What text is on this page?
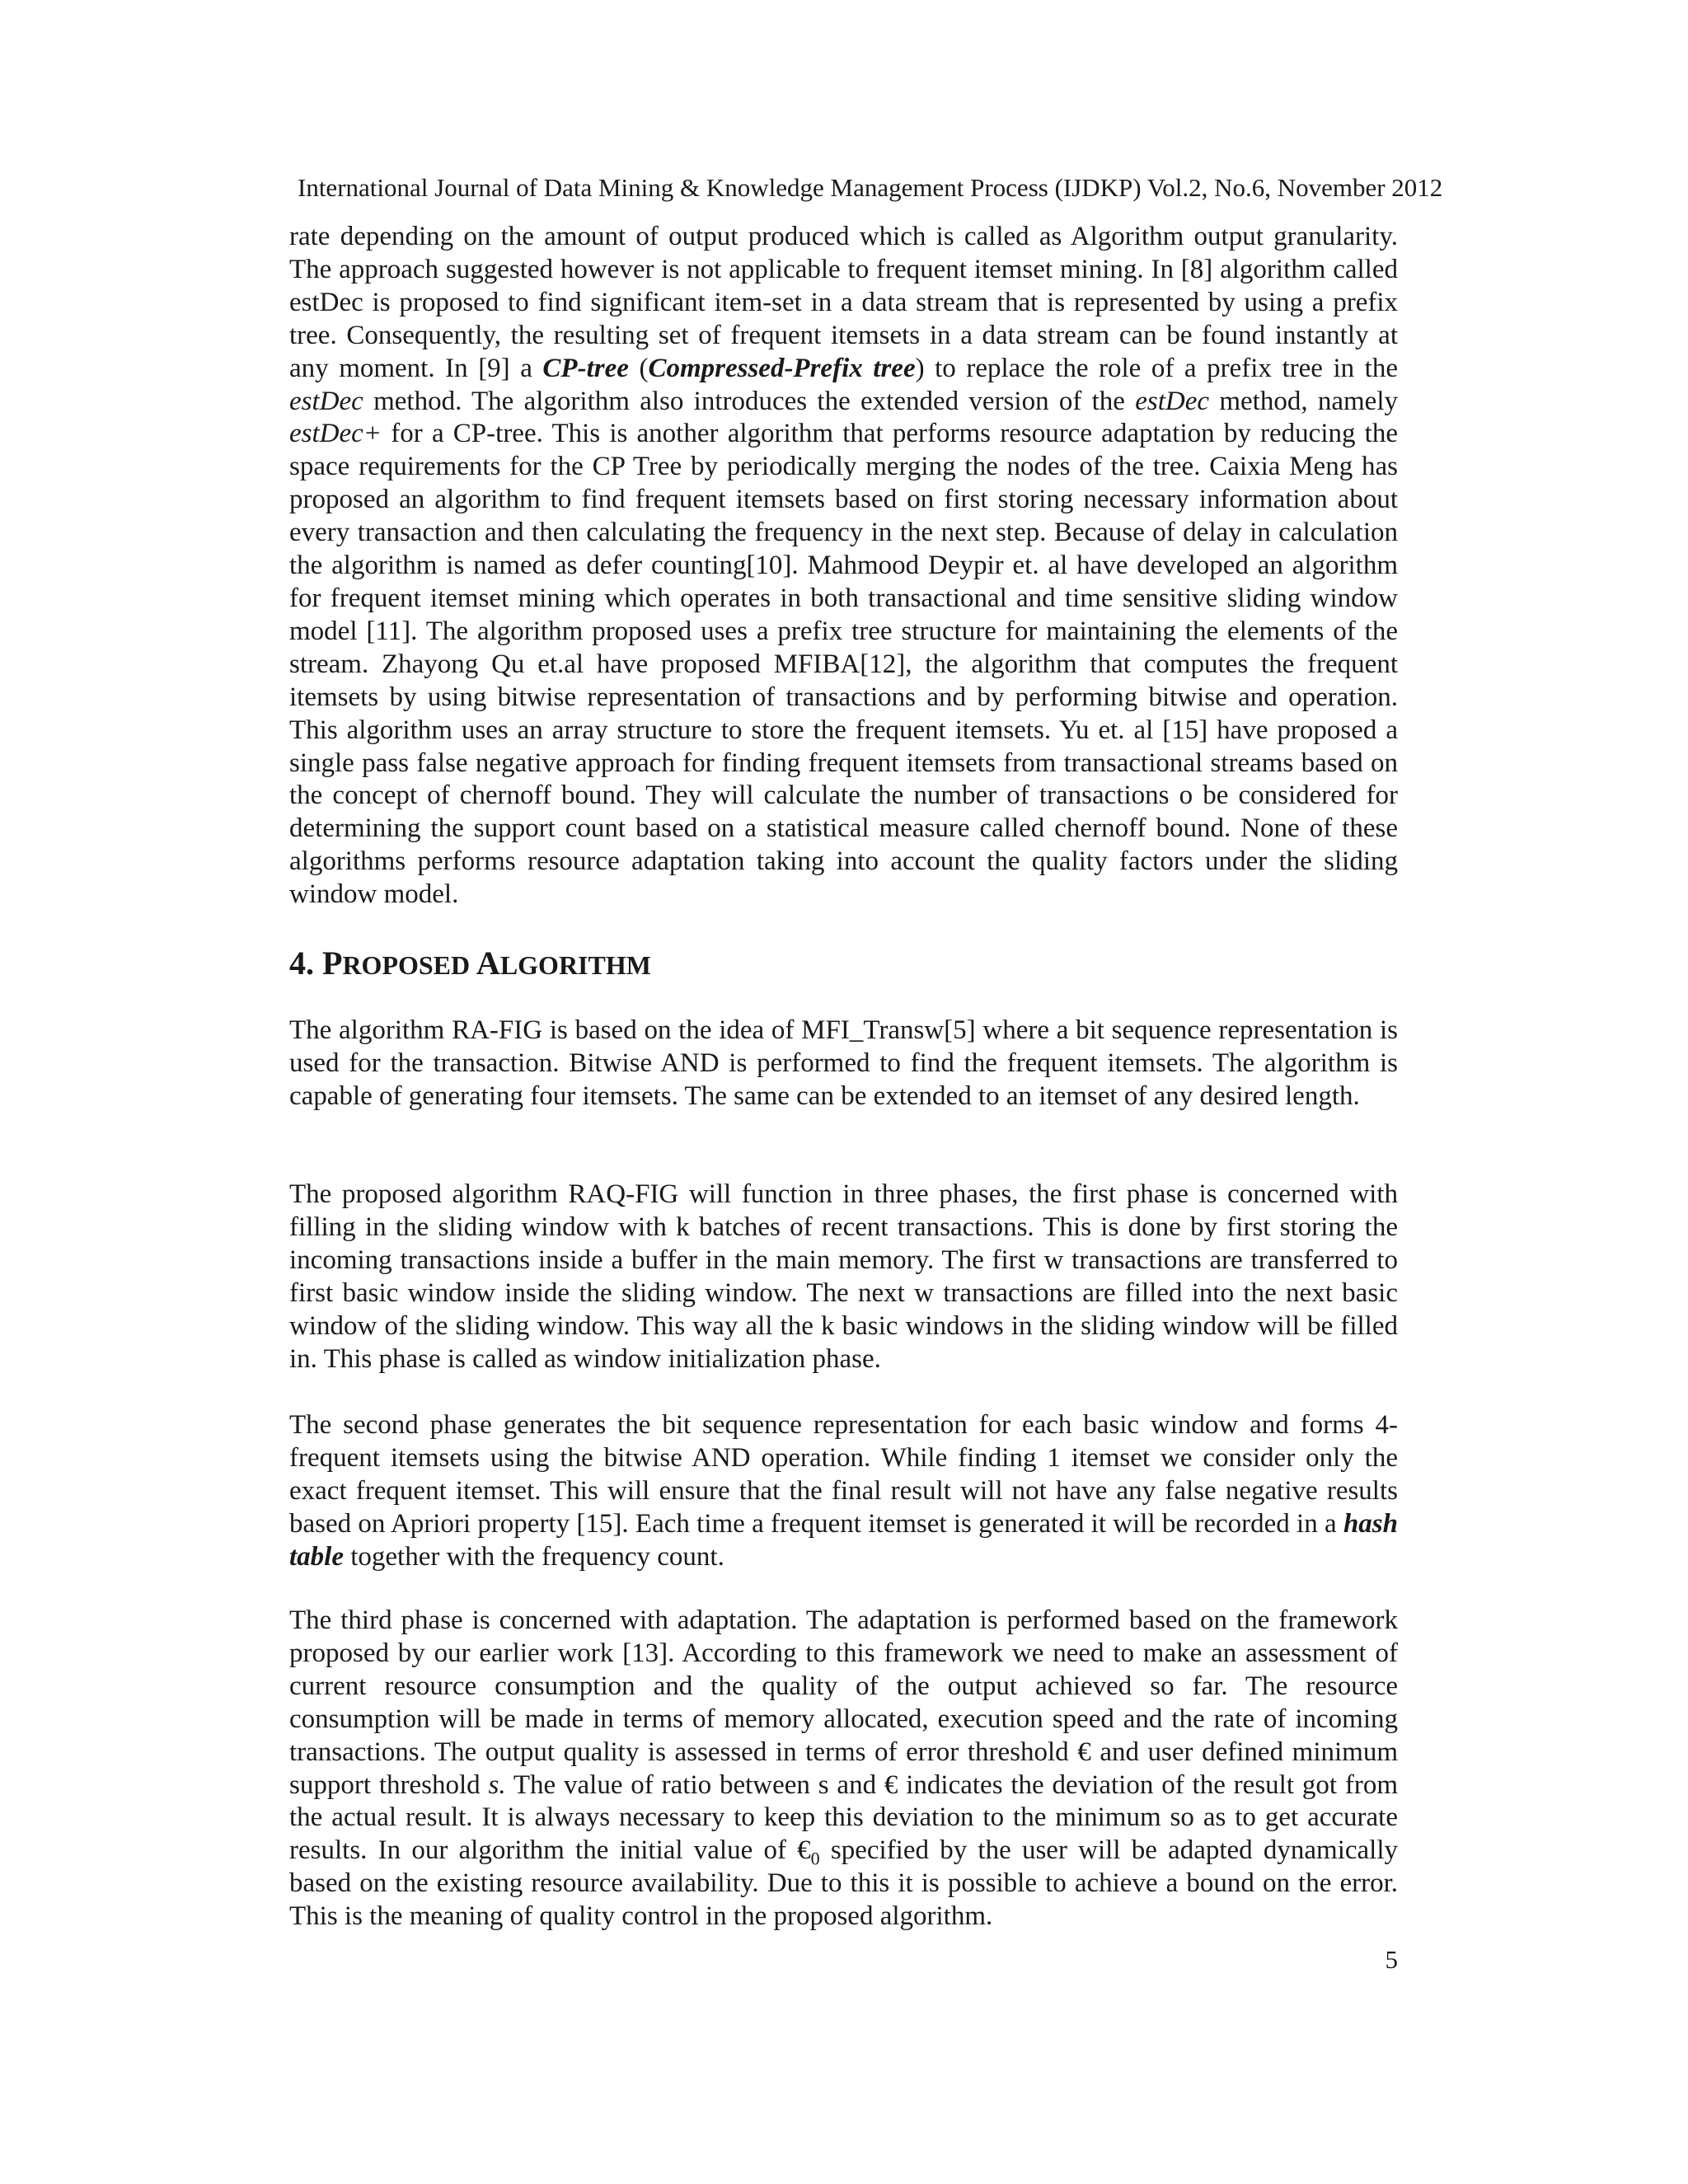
International Journal of Data Mining & Knowledge Management Process (IJDKP) Vol.2, No.6, November 2012

rate depending on the amount of output produced which is called as Algorithm output granularity. The approach suggested however is not applicable to frequent itemset mining. In [8] algorithm called estDec is proposed to find significant item-set in a data stream that is represented by using a prefix tree. Consequently, the resulting set of frequent itemsets in a data stream can be found instantly at any moment. In [9] a CP-tree (Compressed-Prefix tree) to replace the role of a prefix tree in the estDec method. The algorithm also introduces the extended version of the estDec method, namely estDec+ for a CP-tree. This is another algorithm that performs resource adaptation by reducing the space requirements for the CP Tree by periodically merging the nodes of the tree. Caixia Meng has proposed an algorithm to find frequent itemsets based on first storing necessary information about every transaction and then calculating the frequency in the next step. Because of delay in calculation the algorithm is named as defer counting[10]. Mahmood Deypir et. al have developed an algorithm for frequent itemset mining which operates in both transactional and time sensitive sliding window model [11]. The algorithm proposed uses a prefix tree structure for maintaining the elements of the stream. Zhayong Qu et.al have proposed MFIBA[12], the algorithm that computes the frequent itemsets by using bitwise representation of transactions and by performing bitwise and operation. This algorithm uses an array structure to store the frequent itemsets. Yu et. al [15] have proposed a single pass false negative approach for finding frequent itemsets from transactional streams based on the concept of chernoff bound. They will calculate the number of transactions o be considered for determining the support count based on a statistical measure called chernoff bound. None of these algorithms performs resource adaptation taking into account the quality factors under the sliding window model.

4. PROPOSED ALGORITHM

The algorithm RA-FIG is based on the idea of MFI_Transw[5] where a bit sequence representation is used for the transaction. Bitwise AND is performed to find the frequent itemsets. The algorithm is capable of generating four itemsets. The same can be extended to an itemset of any desired length.

The proposed algorithm RAQ-FIG will function in three phases, the first phase is concerned with filling in the sliding window with k batches of recent transactions. This is done by first storing the incoming transactions inside a buffer in the main memory. The first w transactions are transferred to first basic window inside the sliding window. The next w transactions are filled into the next basic window of the sliding window. This way all the k basic windows in the sliding window will be filled in. This phase is called as window initialization phase.

The second phase generates the bit sequence representation for each basic window and forms 4-frequent itemsets using the bitwise AND operation. While finding 1 itemset we consider only the exact frequent itemset. This will ensure that the final result will not have any false negative results based on Apriori property [15]. Each time a frequent itemset is generated it will be recorded in a hash table together with the frequency count.

The third phase is concerned with adaptation. The adaptation is performed based on the framework proposed by our earlier work [13]. According to this framework we need to make an assessment of current resource consumption and the quality of the output achieved so far. The resource consumption will be made in terms of memory allocated, execution speed and the rate of incoming transactions. The output quality is assessed in terms of error threshold € and user defined minimum support threshold s. The value of ratio between s and € indicates the deviation of the result got from the actual result. It is always necessary to keep this deviation to the minimum so as to get accurate results. In our algorithm the initial value of $€_0$ specified by the user will be adapted dynamically based on the existing resource availability. Due to this it is possible to achieve a bound on the error. This is the meaning of quality control in the proposed algorithm.

5
